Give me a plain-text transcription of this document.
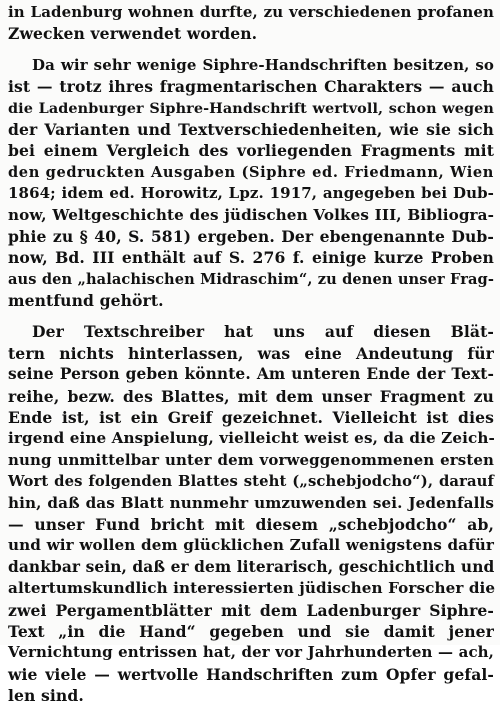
in Ladenburg wohnen durfte, zu verschiedenen profanen
Zwecken verwendet worden.
Da wir sehr wenige Siphre-Handschriften besitzen, so
ist — trotz ihres fragmentarischen Charakters — auch
die Ladenburger Siphre-Handschrift wertvoll, schon wegen
der Varianten und Textverschiedenheiten, wie sie sich
bei einem Vergleich des vorliegenden Fragments mit
den gedruckten Ausgaben (Siphre ed. Friedmann, Wien
1864; idem ed. Horowitz, Lpz. 1917, angegeben bei Dub-
now, Weltgeschichte des jüdischen Volkes III, Bibliogra-
phie zu § 40, S. 581) ergeben. Der ebengenannte Dub-
now, Bd. III enthält auf S. 276 f. einige kurze Proben
aus den „halachischen Midraschim“, zu denen unser Frag-
mentfund gehört.
Der Textschreiber hat uns auf diesen Blät-
tern nichts hinterlassen, was eine Andeutung für
seine Person geben könnte. Am unteren Ende der Text-
reihe, bezw. des Blattes, mit dem unser Fragment zu
Ende ist, ist ein Greif gezeichnet. Vielleicht ist dies
irgend eine Anspielung, vielleicht weist es, da die Zeich-
nung unmittelbar unter dem vorweggenommenen ersten
Wort des folgenden Blattes steht („schebjodcho“), darauf
hin, daß das Blatt nunmehr umzuwenden sei. Jedenfalls
— unser Fund bricht mit diesem „schebjodcho“ ab,
und wir wollen dem glücklichen Zufall wenigstens dafür
dankbar sein, daß er dem literarisch, geschichtlich und
altertumskundlich interessierten jüdischen Forscher die
zwei Pergamentblätter mit dem Ladenburger Siphre-
Text „in die Hand“ gegeben und sie damit jener
Vernichtung entrissen hat, der vor Jahrhunderten — ach,
wie viele — wertvolle Handschriften zum Opfer gefal-
len sind.
